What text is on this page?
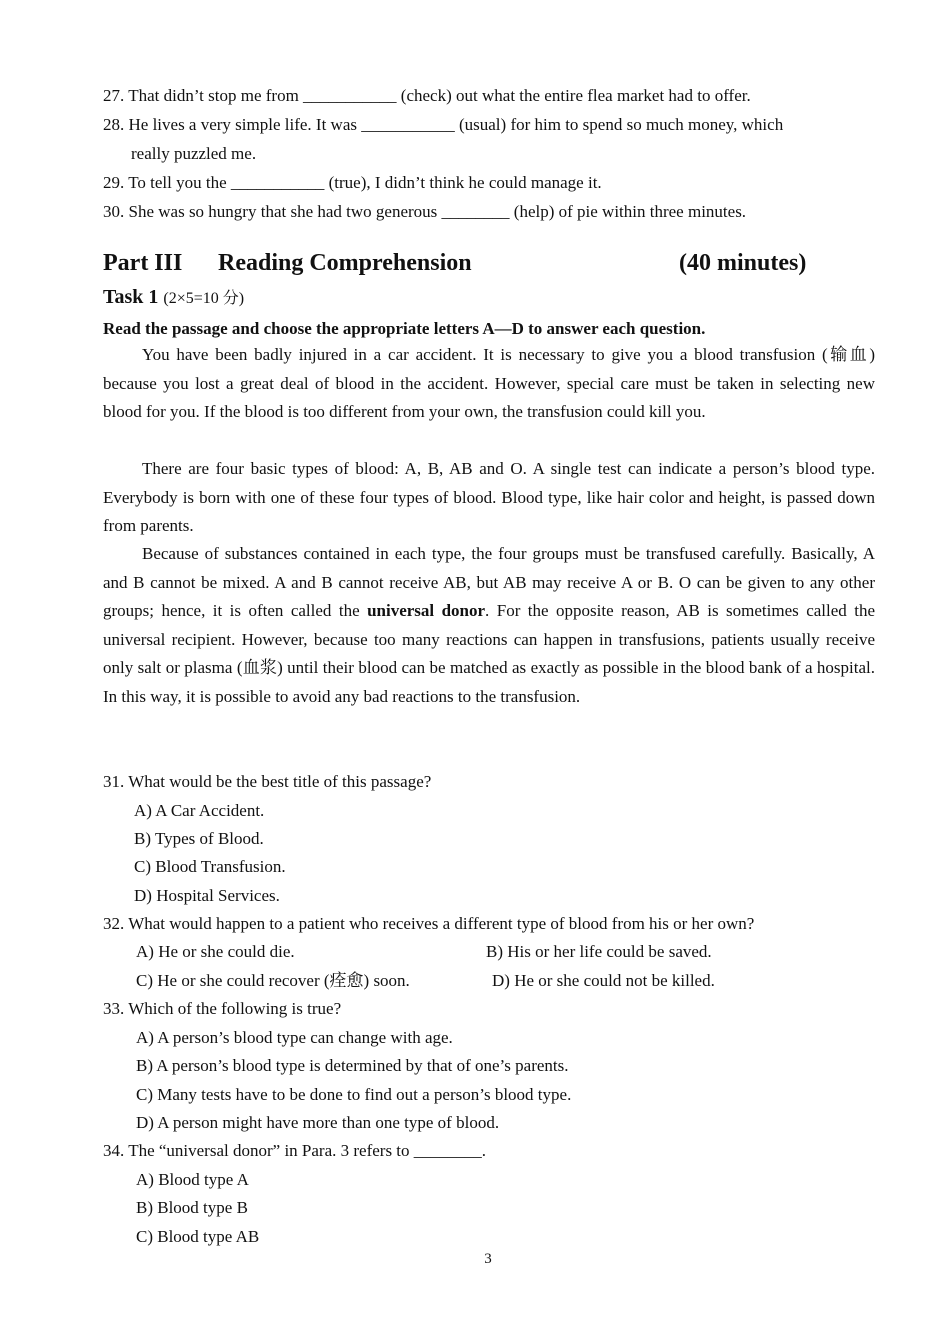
27. That didn’t stop me from ___________ (check) out what the entire flea market had to offer.
28. He lives a very simple life. It was ___________ (usual) for him to spend so much money, which
really puzzled me.
29. To tell you the ___________ (true), I didn’t think he could manage it.
30. She was so hungry that she had two generous ________ (help) of pie within three minutes.
Part III Reading Comprehension	(40 minutes)
Task 1 (2×5=10 分)
Read the passage and choose the appropriate letters A—D to answer each question.

You have been badly injured in a car accident. It is necessary to give you a blood transfusion (输血) because you lost a great deal of blood in the accident. However, special care must be taken in selecting new blood for you. If the blood is too different from your own, the transfusion could kill you.

There are four basic types of blood: A, B, AB and O. A single test can indicate a person’s blood type. Everybody is born with one of these four types of blood. Blood type, like hair color and height, is passed down from parents.

Because of substances contained in each type, the four groups must be transfused carefully. Basically, A and B cannot be mixed. A and B cannot receive AB, but AB may receive A or B. O can be given to any other groups; hence, it is often called the universal donor. For the opposite reason, AB is sometimes called the universal recipient. However, because too many reactions can happen in transfusions, patients usually receive only salt or plasma (血浆) until their blood can be matched as exactly as possible in the blood bank of a hospital. In this way, it is possible to avoid any bad reactions to the transfusion.

31. What would be the best title of this passage?
A) A Car Accident.
B) Types of Blood.
C) Blood Transfusion.
D) Hospital Services.
32. What would happen to a patient who receives a different type of blood from his or her own?
A) He or she could die.	B) His or her life could be saved.
C) He or she could recover (痊愈) soon.	D) He or she could not be killed.
33. Which of the following is true?
A) A person’s blood type can change with age.
B) A person’s blood type is determined by that of one’s parents.
C) Many tests have to be done to find out a person’s blood type.
D) A person might have more than one type of blood.
34. The “universal donor” in Para. 3 refers to ________.
A) Blood type A
B) Blood type B
C) Blood type AB
3
